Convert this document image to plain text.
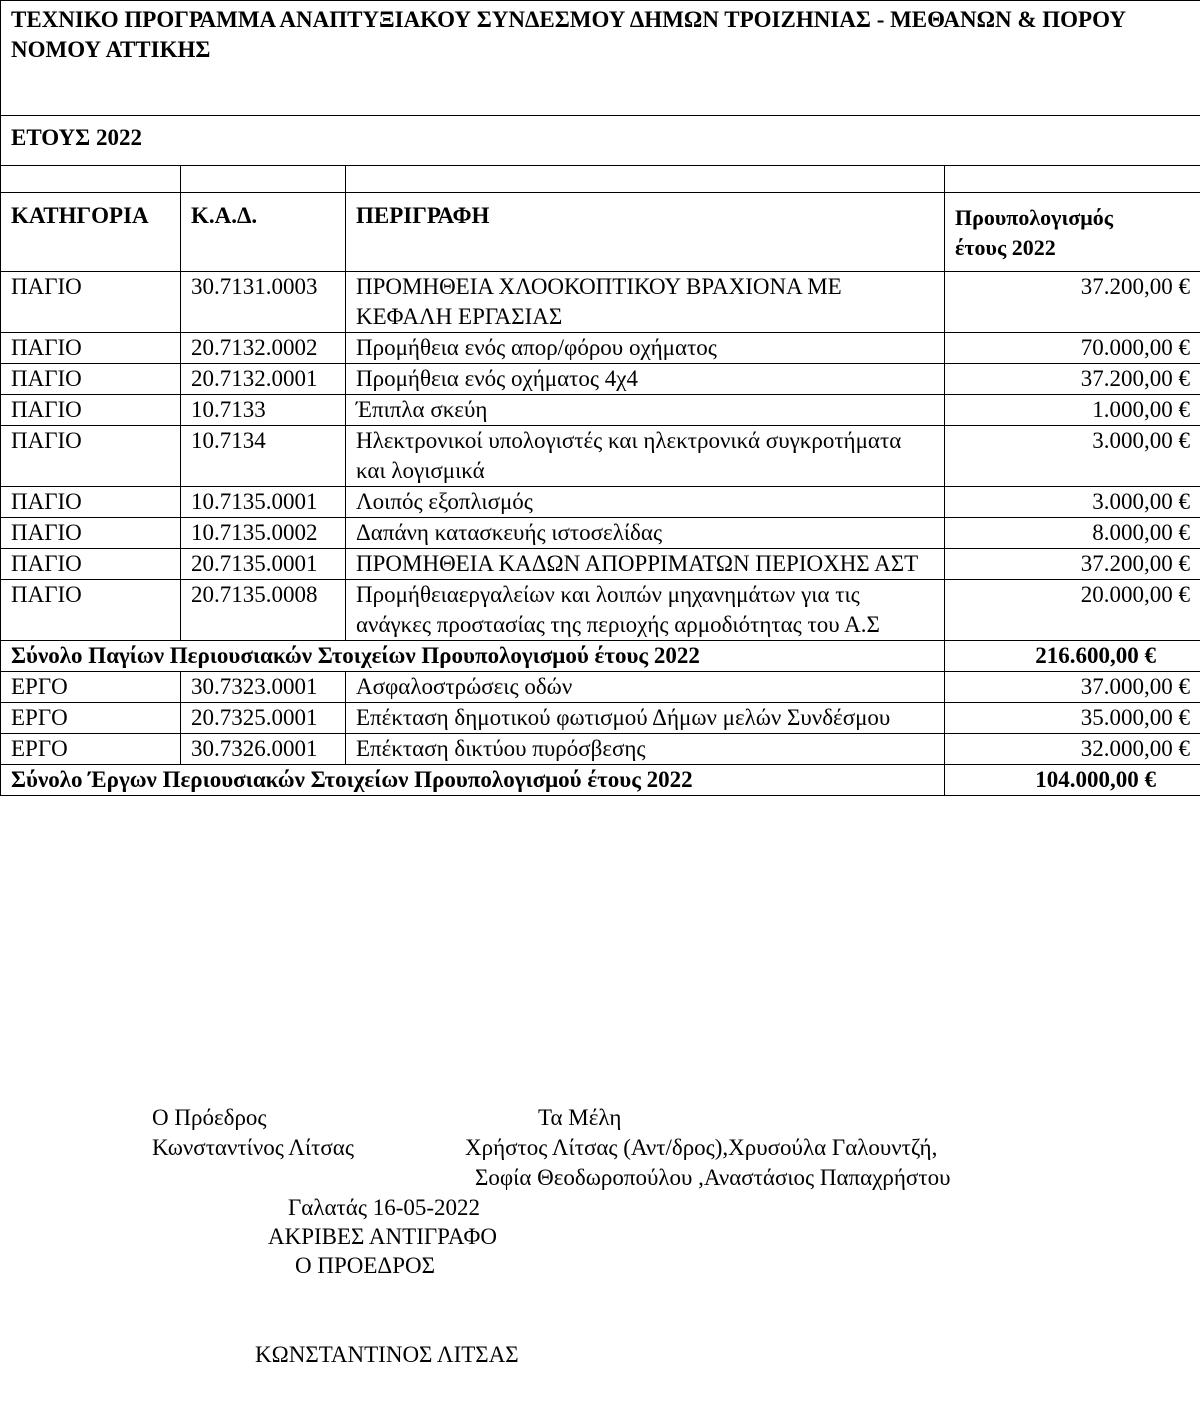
ΤΕΧΝΙΚΟ ΠΡΟΓΡΑΜΜΑ ΑΝΑΠΤΥΞΙΑΚΟΥ ΣΥΝΔΕΣΜΟΥ ΔΗΜΩΝ ΤΡΟΙΖΗΝΙΑΣ - ΜΕΘΑΝΩΝ & ΠΟΡΟΥ ΝΟΜΟΥ ΑΤΤΙΚΗΣ			
ΕΤΟΥΣ 2022			

ΚΑΤΗΓΟΡΙΑ	Κ.Α.Δ.	ΠΕΡΙΓΡΑΦΗ	Προυπολογισμός
έτους 2022
ΠΑΓΙΟ	30.7131.0003	ΠΡΟΜΗΘΕΙΑ ΧΛΟΟΚΟΠΤΙΚΟΥ ΒΡΑΧΙΟΝΑ ΜΕ ΚΕΦΑΛΗ ΕΡΓΑΣΙΑΣ	37.200,00 €
ΠΑΓΙΟ	20.7132.0002	Προμήθεια ενός απορ/φόρου οχήματος	70.000,00 €
ΠΑΓΙΟ	20.7132.0001	Προμήθεια ενός οχήματος 4χ4	37.200,00 €
ΠΑΓΙΟ	10.7133	Έπιπλα σκεύη	1.000,00 €
ΠΑΓΙΟ	10.7134	Ηλεκτρονικοί υπολογιστές και ηλεκτρονικά συγκροτήματα και λογισμικά	3.000,00 €
ΠΑΓΙΟ	10.7135.0001	Λοιπός εξοπλισμός	3.000,00 €
ΠΑΓΙΟ	10.7135.0002	Δαπάνη κατασκευής ιστοσελίδας	8.000,00 €
ΠΑΓΙΟ	20.7135.0001	ΠΡΟΜΗΘΕΙΑ ΚΑΔΩΝ ΑΠΟΡΡΙΜΑΤΩΝ ΠΕΡΙΟΧΗΣ ΑΣΤ	37.200,00 €
ΠΑΓΙΟ	20.7135.0008	Προμήθειαεργαλείων και λοιπών μηχανημάτων για τις ανάγκες προστασίας της περιοχής αρμοδιότητας του Α.Σ	20.000,00 €
Σύνολο Παγίων Περιουσιακών Στοιχείων Προυπολογισμού έτους 2022			216.600,00 €
ΕΡΓΟ	30.7323.0001	Ασφαλοστρώσεις οδών	37.000,00 €
ΕΡΓΟ	20.7325.0001	Επέκταση δημοτικού φωτισμού Δήμων μελών Συνδέσμου	35.000,00 €
ΕΡΓΟ	30.7326.0001	Επέκταση δικτύου πυρόσβεσης	32.000,00 €
Σύνολο Έργων Περιουσιακών Στοιχείων Προυπολογισμού έτους 2022			104.000,00 €
Ο Πρόεδρος	Τα Μέλη
Κωνσταντίνος Λίτσας	Χρήστος Λίτσας (Αντ/δρος),Χρυσούλα Γαλουντζή,
Σοφία Θεοδωροπούλου ,Αναστάσιος Παπαχρήστου
Γαλατάς 16-05-2022
ΑΚΡΙΒΕΣ ΑΝΤΙΓΡΑΦΟ
Ο ΠΡΟΕΔΡΟΣ
ΚΩΝΣΤΑΝΤΙΝΟΣ ΛΙΤΣΑΣ
